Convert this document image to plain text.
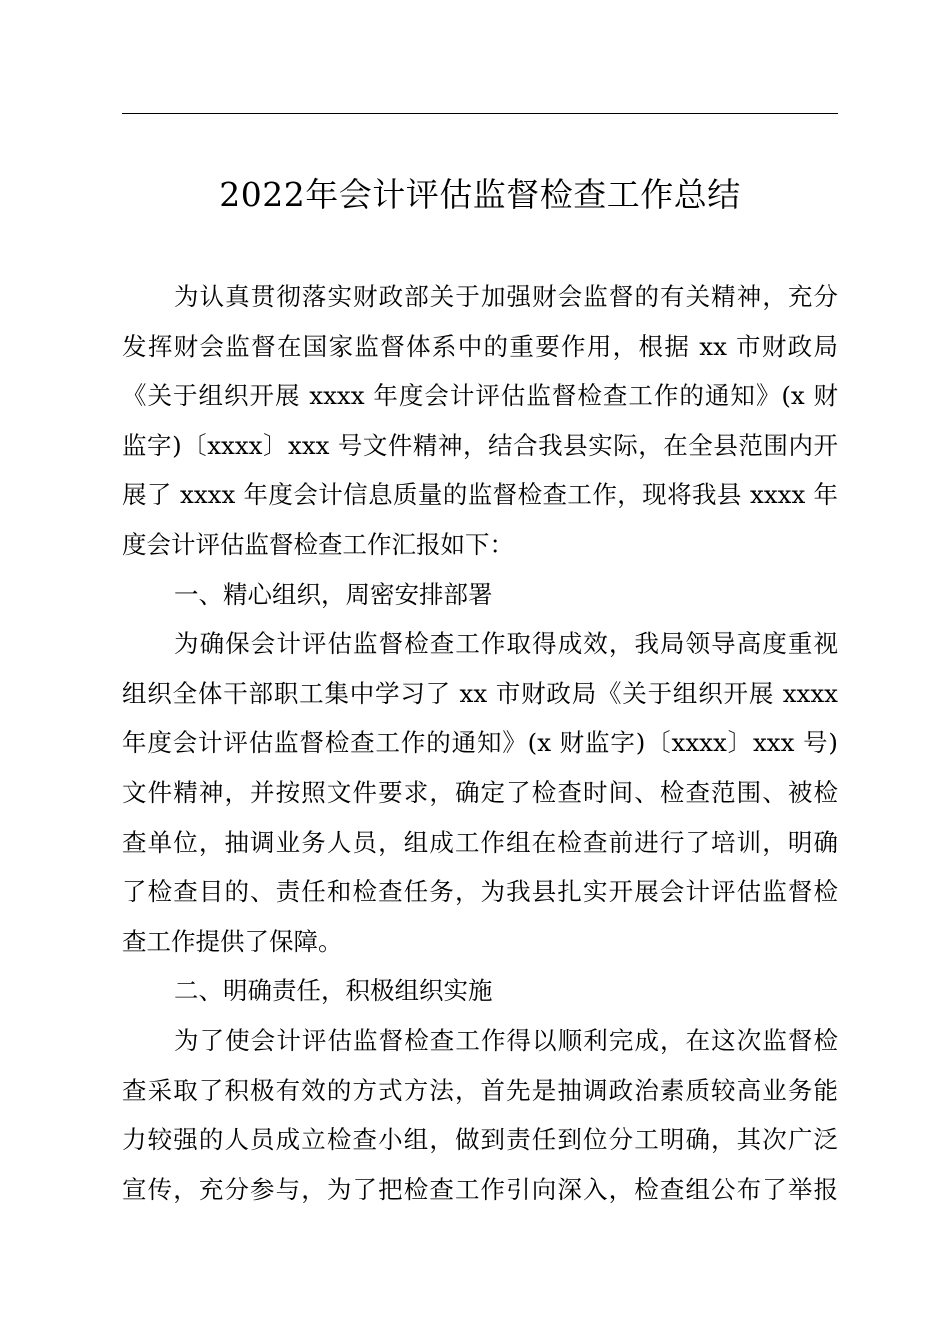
2022年会计评估监督检查工作总结
为认真贯彻落实财政部关于加强财会监督的有关精神，充分
发挥财会监督在国家监督体系中的重要作用，根据 xx 市财政局
《关于组织开展 xxxx 年度会计评估监督检查工作的通知》(x 财
监字)〔xxxx〕xxx 号文件精神，结合我县实际，在全县范围内开
展了 xxxx 年度会计信息质量的监督检查工作，现将我县 xxxx 年
度会计评估监督检查工作汇报如下：
一、精心组织，周密安排部署
为确保会计评估监督检查工作取得成效，我局领导高度重视
组织全体干部职工集中学习了 xx 市财政局《关于组织开展 xxxx
年度会计评估监督检查工作的通知》(x 财监字)〔xxxx〕xxx 号)
文件精神，并按照文件要求，确定了检查时间、检查范围、被检
查单位，抽调业务人员，组成工作组在检查前进行了培训，明确
了检查目的、责任和检查任务，为我县扎实开展会计评估监督检
查工作提供了保障。
二、明确责任，积极组织实施
为了使会计评估监督检查工作得以顺利完成，在这次监督检
查采取了积极有效的方式方法，首先是抽调政治素质较高业务能
力较强的人员成立检查小组，做到责任到位分工明确，其次广泛
宣传，充分参与，为了把检查工作引向深入，检查组公布了举报
